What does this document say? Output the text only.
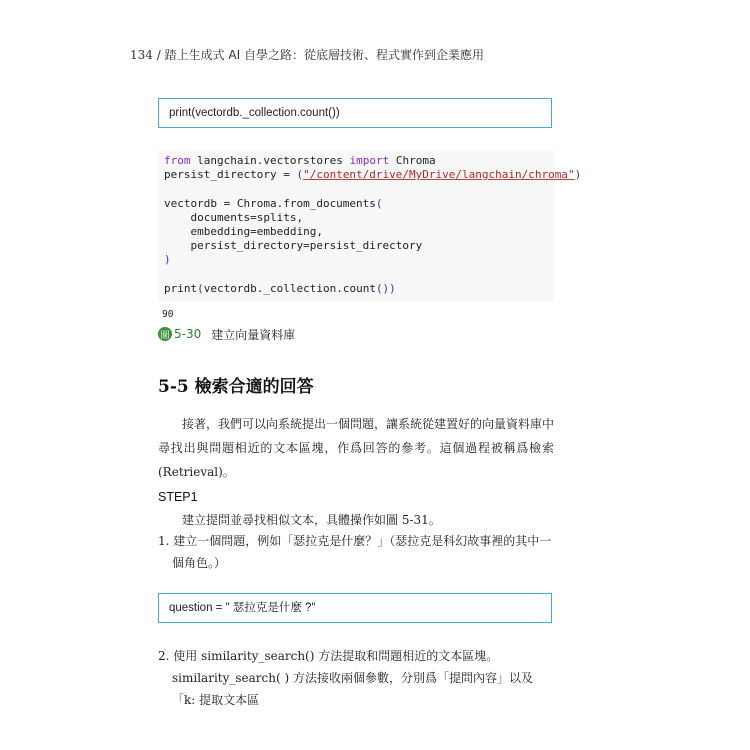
134 / 踏上生成式 AI 自學之路：從底層技術、程式實作到企業應用
print(vectordb._collection.count())
from langchain.vectorstores import Chroma
persist_directory = ("/content/drive/MyDrive/langchain/chroma")

vectordb = Chroma.from_documents(
documents=splits,
embedding=embedding,
persist_directory=persist_directory
)

print(vectordb._collection.count())
90
圖 5-30 建立向量資料庫
5-5 檢索合適的回答
接著，我們可以向系統提出一個問題，讓系統從建置好的向量資料庫中尋找出與問題相近的文本區塊，作爲回答的參考。這個過程被稱爲檢索(Retrieval)。
STEP1
建立提問並尋找相似文本，具體操作如圖 5-31。
1. 建立一個問題，例如「瑟拉克是什麼？」（瑟拉克是科幻故事裡的其中一個角色。）
question = " 瑟拉克是什麼 ?"
2. 使用 similarity_search() 方法提取和問題相近的文本區塊。similarity_search( ) 方法接收兩個參數，分別爲「提問內容」以及「k: 提取文本區
